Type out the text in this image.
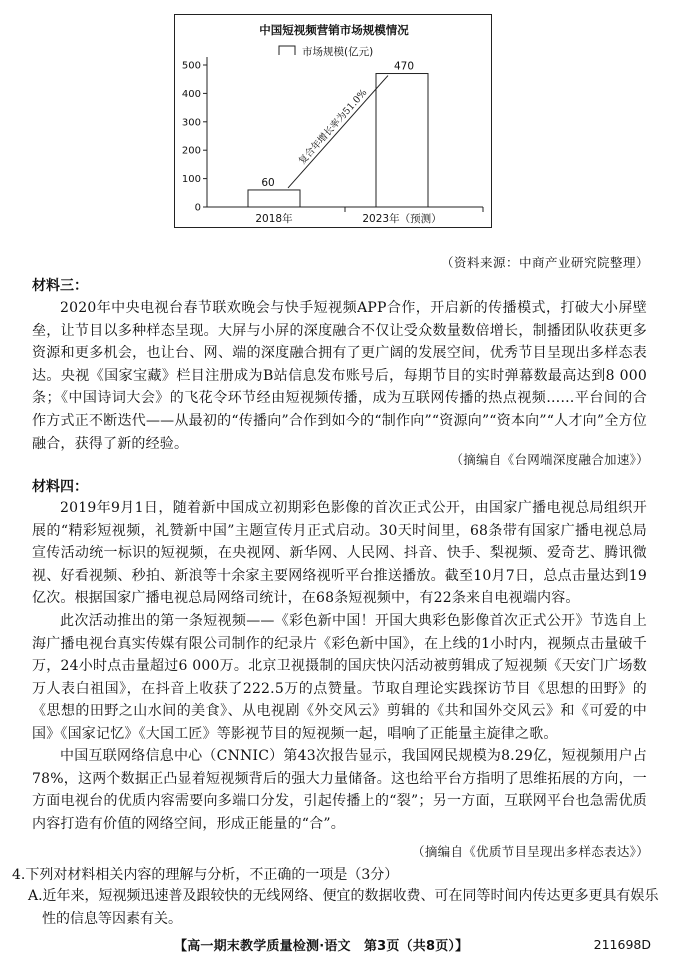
中国短视频营销市场规模情况
市场规模(亿元)
0
100
200
300
400
500
60
2018年
470
2023年（预测）
复合年增长率为51.0%
（资料来源：中商产业研究院整理）
材料三：

2020年中央电视台春节联欢晚会与快手短视频APP合作，开启新的传播模式，打破大小屏壁垒，让节目以多种样态呈现。大屏与小屏的深度融合不仅让受众数量数倍增长，制播团队收获更多资源和更多机会，也让台、网、端的深度融合拥有了更广阔的发展空间，优秀节目呈现出多样态表达。央视《国家宝藏》栏目注册成为B站信息发布账号后，每期节目的实时弹幕数最高达到8 000条；《中国诗词大会》的飞花令环节经由短视频传播，成为互联网传播的热点视频……平台间的合作方式正不断迭代——从最初的“传播向”合作到如今的“制作向”“资源向”“资本向”“人才向”全方位融合，获得了新的经验。

（摘编自《台网端深度融合加速》）
材料四：

2019年9月1日，随着新中国成立初期彩色影像的首次正式公开，由国家广播电视总局组织开展的“精彩短视频，礼赞新中国”主题宣传月正式启动。30天时间里，68条带有国家广播电视总局宣传活动统一标识的短视频，在央视网、新华网、人民网、抖音、快手、梨视频、爱奇艺、腾讯微视、好看视频、秒拍、新浪等十余家主要网络视听平台推送播放。截至10月7日，总点击量达到19亿次。根据国家广播电视总局网络司统计，在68条短视频中，有22条来自电视端内容。

此次活动推出的第一条短视频——《彩色新中国！开国大典彩色影像首次正式公开》节选自上海广播电视台真实传媒有限公司制作的纪录片《彩色新中国》，在上线的1小时内，视频点击量破千万，24小时点击量超过6 000万。北京卫视摄制的国庆快闪活动被剪辑成了短视频《天安门广场数万人表白祖国》，在抖音上收获了222.5万的点赞量。节取自理论实践探访节目《思想的田野》的《思想的田野之山水间的美食》、从电视剧《外交风云》剪辑的《共和国外交风云》和《可爱的中国》《国家记忆》《大国工匠》等影视节目的短视频一起，唱响了正能量主旋律之歌。

中国互联网络信息中心（CNNIC）第43次报告显示，我国网民规模为8.29亿，短视频用户占78%，这两个数据正凸显着短视频背后的强大力量储备。这也给平台方指明了思维拓展的方向，一方面电视台的优质内容需要向多端口分发，引起传播上的“裂”；另一方面，互联网平台也急需优质内容打造有价值的网络空间，形成正能量的“合”。

（摘编自《优质节目呈现出多样态表达》）
4.下列对材料相关内容的理解与分析，不正确的一项是（3分）

A.近年来，短视频迅速普及跟较快的无线网络、便宜的数据收费、可在同等时间内传达更多更具有娱乐性的信息等因素有关。

【高一期末教学质量检测·语文　第3页（共8页）】	211698D
